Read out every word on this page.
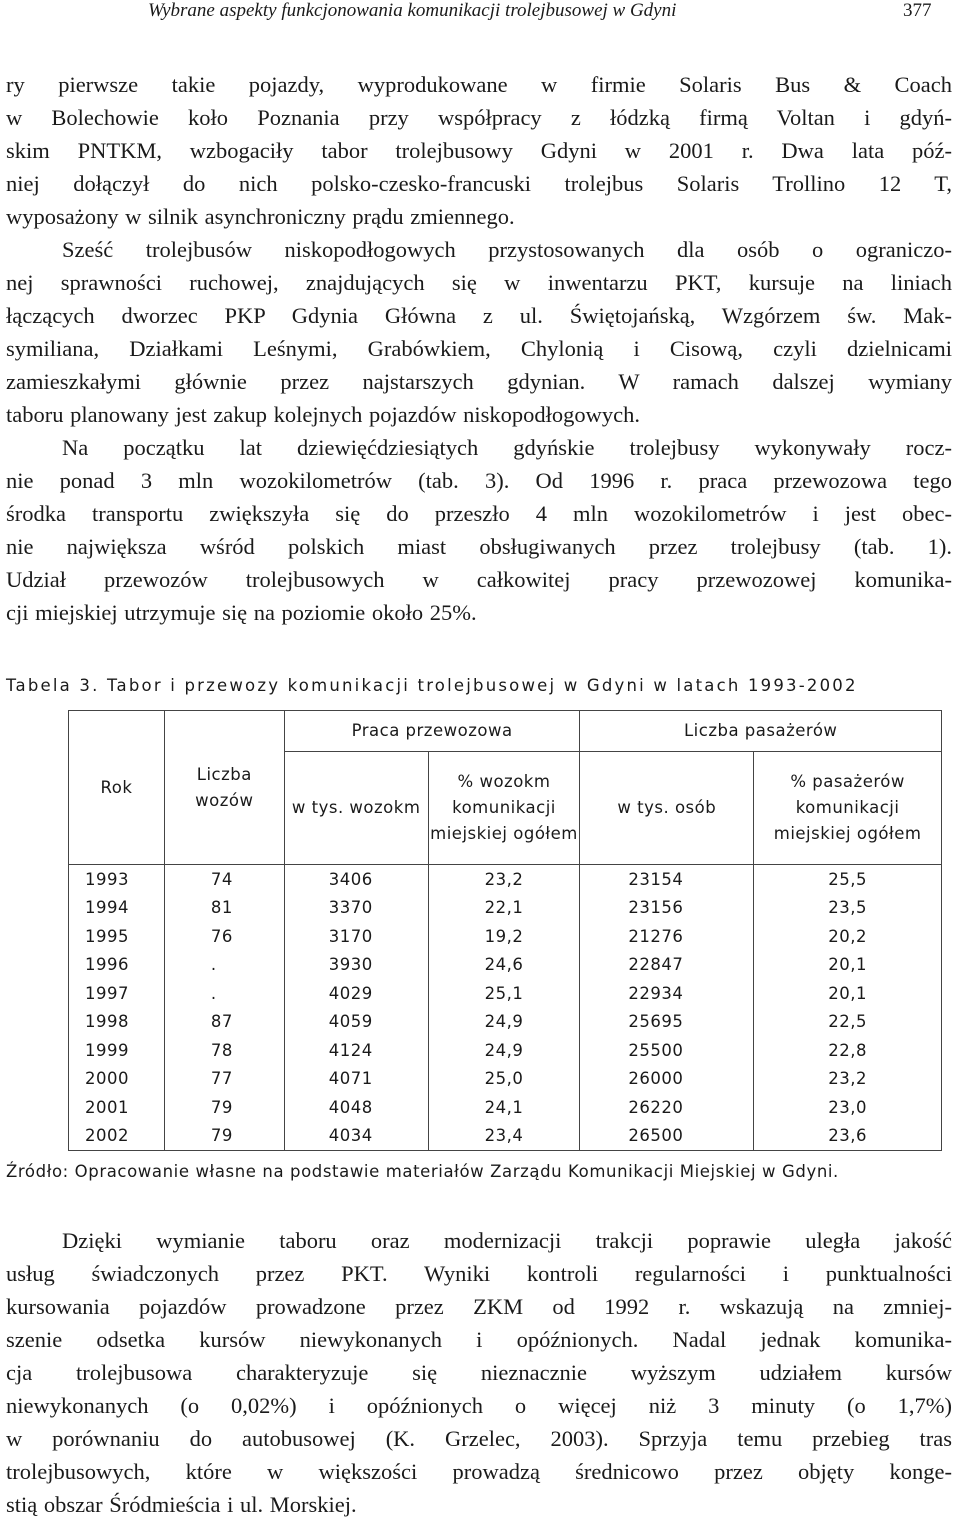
Wybrane aspekty funkcjonowania komunikacji trolejbusowej w Gdyni	377
ry pierwsze takie pojazdy, wyprodukowane w firmie Solaris Bus & Coach
w Bolechowie koło Poznania przy współpracy z łódzką firmą Voltan i gdyń-
skim PNTKM, wzbogaciły tabor trolejbusowy Gdyni w 2001 r. Dwa lata póź-
niej dołączył do nich polsko-czesko-francuski trolejbus Solaris Trollino 12 T,
wyposażony w silnik asynchroniczny prądu zmiennego.
Sześć trolejbusów niskopodłogowych przystosowanych dla osób o ograniczo-
nej sprawności ruchowej, znajdujących się w inwentarzu PKT, kursuje na liniach
łączących dworzec PKP Gdynia Główna z ul. Świętojańską, Wzgórzem św. Mak-
symiliana, Działkami Leśnymi, Grabówkiem, Chylonią i Cisową, czyli dzielnicami
zamieszkałymi głównie przez najstarszych gdynian. W ramach dalszej wymiany
taboru planowany jest zakup kolejnych pojazdów niskopodłogowych.
Na początku lat dziewięćdziesiątych gdyńskie trolejbusy wykonywały rocz-
nie ponad 3 mln wozokilometrów (tab. 3). Od 1996 r. praca przewozowa tego
środka transportu zwiększyła się do przeszło 4 mln wozokilometrów i jest obec-
nie największa wśród polskich miast obsługiwanych przez trolejbusy (tab. 1).
Udział przewozów trolejbusowych w całkowitej pracy przewozowej komunika-
cji miejskiej utrzymuje się na poziomie około 25%.
Tabela 3. Tabor i przewozy komunikacji trolejbusowej w Gdyni w latach 1993-2002
Rok	Liczba wozów	Praca przewozowa		Liczba pasażerów	
		w tys. wozokm	% wozokm komunikacji miejskiej ogółem	w tys. osób	% pasażerów komunikacji miejskiej ogółem
1993	74	3406	23,2	23154	25,5
1994	81	3370	22,1	23156	23,5
1995	76	3170	19,2	21276	20,2
1996	.	3930	24,6	22847	20,1
1997	.	4029	25,1	22934	20,1
1998	87	4059	24,9	25695	22,5
1999	78	4124	24,9	25500	22,8
2000	77	4071	25,0	26000	23,2
2001	79	4048	24,1	26220	23,0
2002	79	4034	23,4	26500	23,6
Źródło: Opracowanie własne na podstawie materiałów Zarządu Komunikacji Miejskiej w Gdyni.
Dzięki wymianie taboru oraz modernizacji trakcji poprawie uległa jakość
usług świadczonych przez PKT. Wyniki kontroli regularności i punktualności
kursowania pojazdów prowadzone przez ZKM od 1992 r. wskazują na zmniej-
szenie odsetka kursów niewykonanych i opóźnionych. Nadal jednak komunika-
cja trolejbusowa charakteryzuje się nieznacznie wyższym udziałem kursów
niewykonanych (o 0,02%) i opóźnionych o więcej niż 3 minuty (o 1,7%)
w porównaniu do autobusowej (K. Grzelec, 2003). Sprzyja temu przebieg tras
trolejbusowych, które w większości prowadzą średnicowo przez objęty konge-
stią obszar Śródmieścia i ul. Morskiej.
